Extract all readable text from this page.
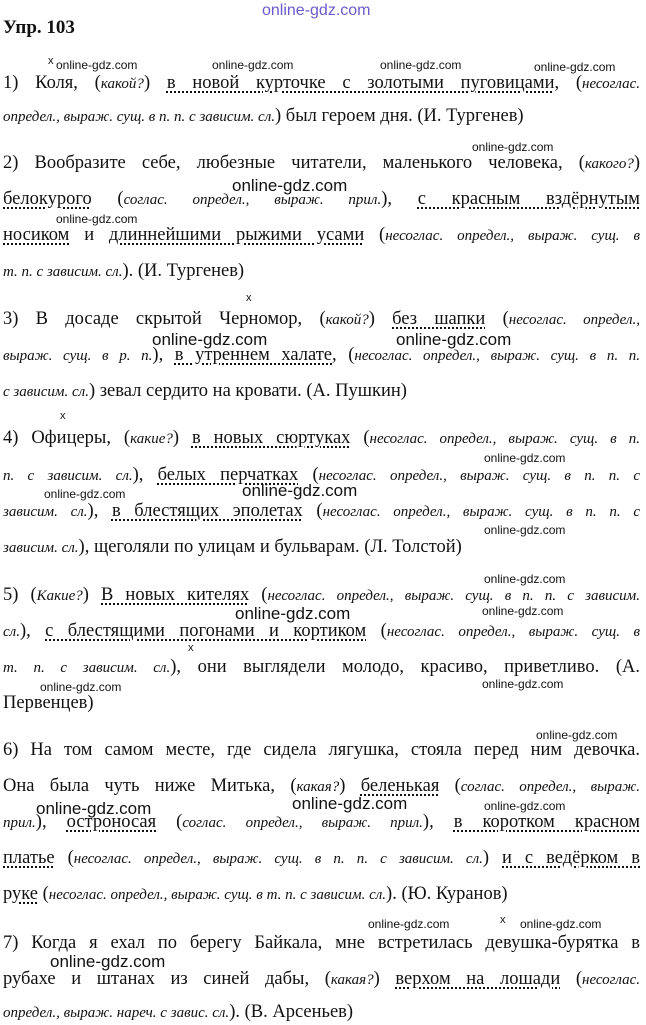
online-gdz.com
Упр. 103
x
x
x
x
x
1) Коля, (какой?) в новой курточке с золотыми пуговицами, (несоглас.
определ., выраж. сущ. в п. п. с зависим. сл.) был героем дня. (И. Тургенев)
2) Вообразите себе, любезные читатели, маленького человека, (какого?)
белокурого (соглас. определ., выраж. прил.), с красным вздёрнутым
носиком и длиннейшими рыжими усами (несоглас. определ., выраж. сущ. в
т. п. с зависим. сл.). (И. Тургенев)
3) В досаде скрытой Черномор, (какой?) без шапки (несоглас. определ.,
выраж. сущ. в р. п.), в утреннем халате, (несоглас. определ., выраж. сущ. в п. п.
с зависим. сл.) зевал сердито на кровати. (А. Пушкин)
4) Офицеры, (какие?) в новых сюртуках (несоглас. определ., выраж. сущ. в п.
п. с зависим. сл.), белых перчатках (несоглас. определ., выраж. сущ. в п. п. с
зависим. сл.), в блестящих эполетах (несоглас. определ., выраж. сущ. в п. п. с
зависим. сл.), щеголяли по улицам и бульварам. (Л. Толстой)
5) (Какие?) В новых кителях (несоглас. определ., выраж. сущ. в п. п. с зависим.
сл.), с блестящими погонами и кортиком (несоглас. определ., выраж. сущ. в
т. п. с зависим. сл.), они выглядели молодо, красиво, приветливо. (А.
Первенцев)
6) На том самом месте, где сидела лягушка, стояла перед ним девочка.
Она была чуть ниже Митька, (какая?) беленькая (соглас. определ., выраж.
прил.), остроносая (соглас. определ., выраж. прил.), в коротком красном
платье (несоглас. определ., выраж. сущ. в п. п. с зависим. сл.) и с ведёрком в
руке (несоглас. определ., выраж. сущ. в т. п. с зависим. сл.). (Ю. Куранов)
7) Когда я ехал по берегу Байкала, мне встретилась девушка-бурятка в
рубахе и штанах из синей дабы, (какая?) верхом на лошади (несоглас.
определ., выраж. нареч. с завис. сл.). (В. Арсеньев)
online-gdz.com	online-gdz.com	online-gdz.com	online-gdz.com
online-gdz.com
online-gdz.com
online-gdz.com
online-gdz.com	online-gdz.com
online-gdz.com
online-gdz.com
online-gdz.com
online-gdz.com
online-gdz.com
online-gdz.com	online-gdz.com
online-gdz.com	online-gdz.com
online-gdz.com
online-gdz.com	online-gdz.com	online-gdz.com
online-gdz.com	online-gdz.com
online-gdz.com
